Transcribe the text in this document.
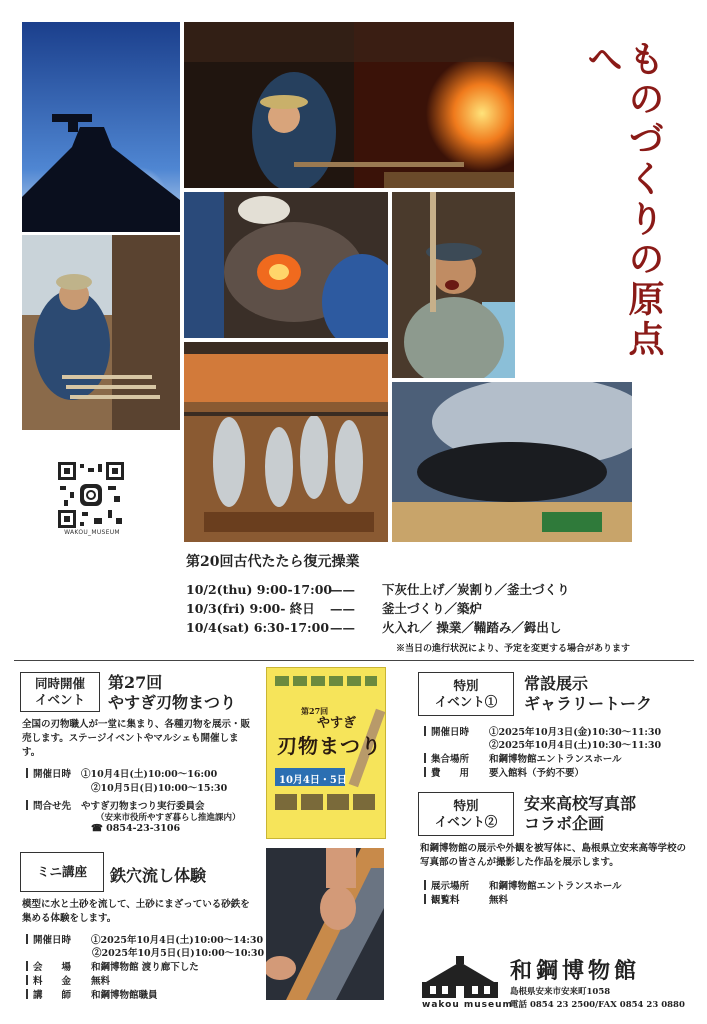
ものづくりの原点へ
WAKOU_MUSEUM
第20回古代たたら復元操業
10/2(thu) 9:00-17:00—— 下灰仕上げ／炭割り／釜土づくり
10/3(fri) 9:00- 終日 —— 釜土づくり／築炉
10/4(sat) 6:30-17:00—— 火入れ／ 操業／鞴踏み／鉧出し
※当日の進行状況により、予定を変更する場合があります
同時開催
イベント
第27回
やすぎ刃物まつり
全国の刃物職人が一堂に集まり、各種刃物を展示・販売します。ステージイベントやマルシェも開催します。
開催日時 ①10月4日(土)10:00～16:00
②10月5日(日)10:00～15:30
問合せ先 やすぎ刃物まつり実行委員会
（安来市役所やすぎ暮らし推進課内）
☎ 0854-23-3106
第27回
やすぎ
刃物まつり
10月4日・5日
ミニ講座	鉄穴流し体験
模型に水と土砂を流して、土砂にまざっている砂鉄を集める体験をします。
開催日時 ①2025年10月4日(土)10:00～14:30
②2025年10月5日(日)10:00～10:30
会　　場 和鋼博物館 渡り廊下した
料　　金 無料
講　　師 和鋼博物館職員
特別
イベント①
常設展示
ギャラリートーク
開催日時 ①2025年10月3日(金)10:30～11:30
②2025年10月4日(土)10:30～11:30
集合場所 和鋼博物館エントランスホール
費　　用 要入館料（予約不要）
特別
イベント②
安来高校写真部
コラボ企画
和鋼博物館の展示や外観を被写体に、島根県立安来高等学校の写真部の皆さんが撮影した作品を展示します。
展示場所 和鋼博物館エントランスホール
観覧料	無料
wakou museum
和鋼博物館
島根県安来市安来町1058
電話 0854 23 2500/FAX 0854 23 0880
